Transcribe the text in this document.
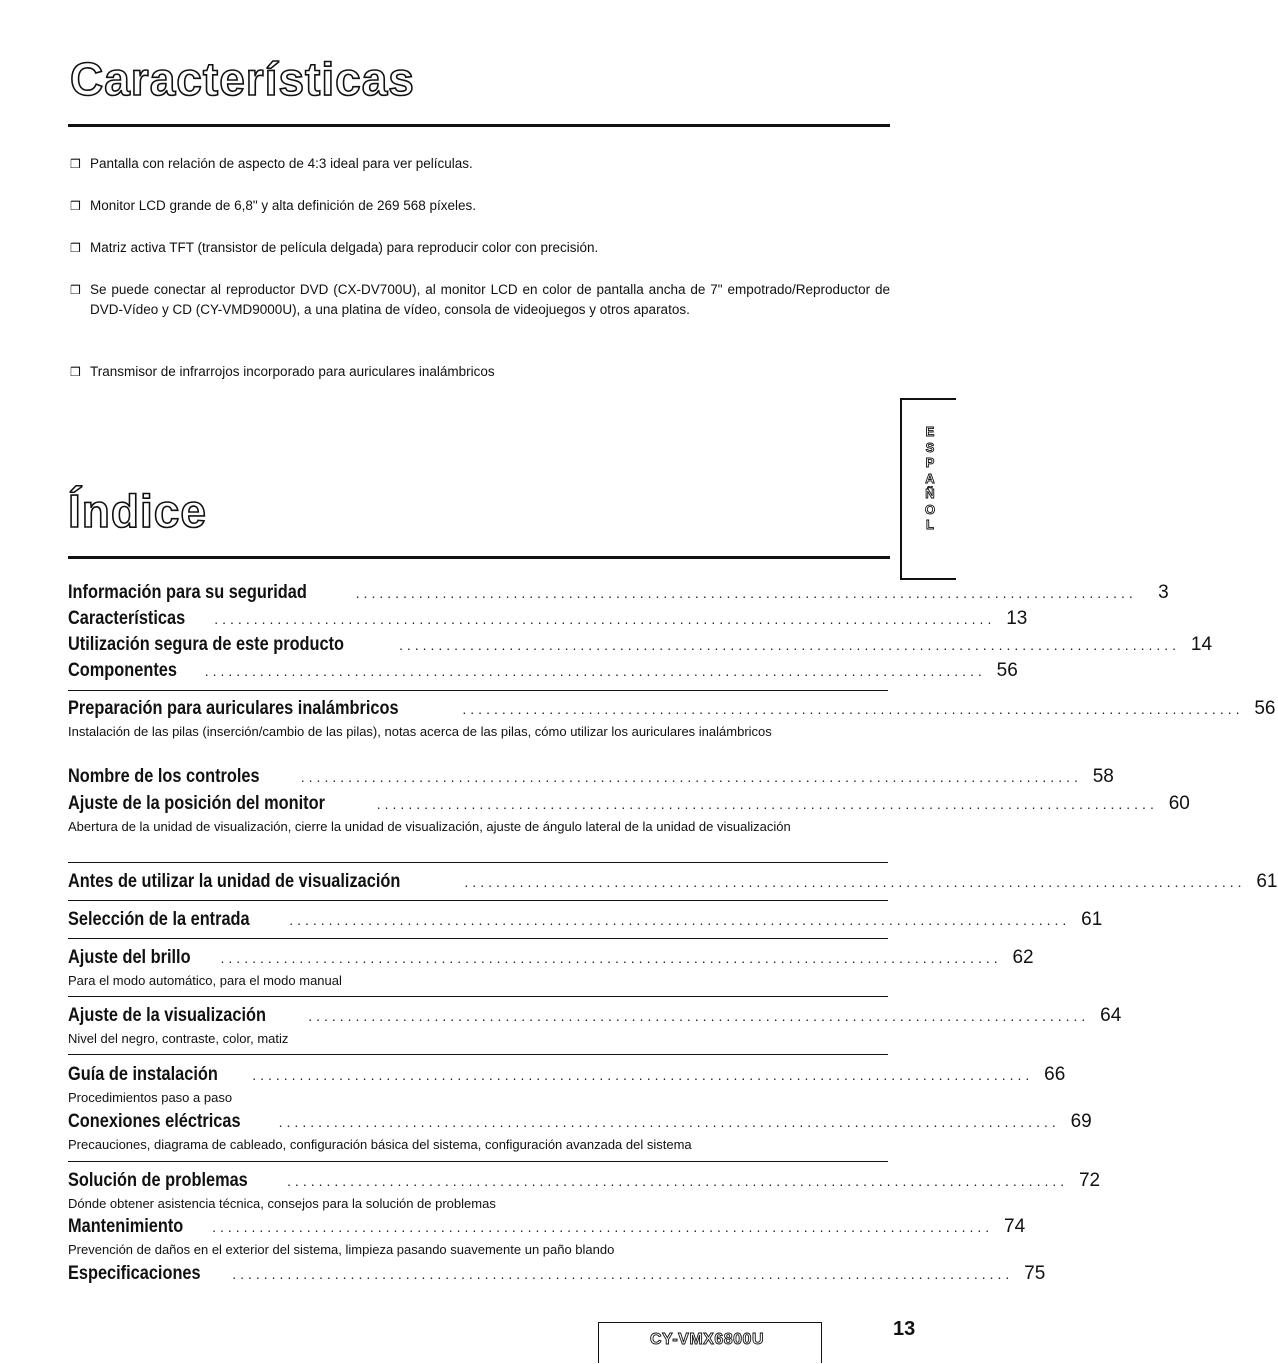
Características
❒ Pantalla con relación de aspecto de 4:3 ideal para ver películas.
❒ Monitor LCD grande de 6,8" y alta definición de 269 568 píxeles.
❒ Matriz activa TFT (transistor de película delgada) para reproducir color con precisión.
❒ Se puede conectar al reproductor DVD (CX-DV700U), al monitor LCD en color de pantalla ancha de 7" empotrado/Reproductor de DVD-Vídeo y CD (CY-VMD9000U), a una platina de vídeo, consola de videojuegos y otros aparatos.
❒ Transmisor de infrarrojos incorporado para auriculares inalámbricos
E
S
P
A
Ñ
O
L
Índice
Información para su seguridad	...................................................................................................	3
Características ................................................................................................... 13
Utilización segura de este producto	................................................................................................... 14
Componentes ................................................................................................... 56
Preparación para auriculares inalámbricos	................................................................................................... 56
Instalación de las pilas (inserción/cambio de las pilas), notas acerca de las pilas, cómo utilizar los auriculares inalámbricos
Nombre de los controles	................................................................................................... 58
Ajuste de la posición del monitor	................................................................................................... 60
Abertura de la unidad de visualización, cierre la unidad de visualización, ajuste de ángulo lateral de la unidad de visualización
Antes de utilizar la unidad de visualización	................................................................................................... 61
Selección de la entrada	................................................................................................... 61
Ajuste del brillo ................................................................................................... 62
Para el modo automático, para el modo manual
Ajuste de la visualización	................................................................................................... 64
Nivel del negro, contraste, color, matiz
Guía de instalación ................................................................................................... 66
Procedimientos paso a paso
Conexiones eléctricas	................................................................................................... 69
Precauciones, diagrama de cableado, configuración básica del sistema, configuración avanzada del sistema
Solución de problemas	................................................................................................... 72
Dónde obtener asistencia técnica, consejos para la solución de problemas
Mantenimiento ................................................................................................... 74
Prevención de daños en el exterior del sistema, limpieza pasando suavemente un paño blando
Especificaciones ................................................................................................... 75
CY-VMX6800U	13
